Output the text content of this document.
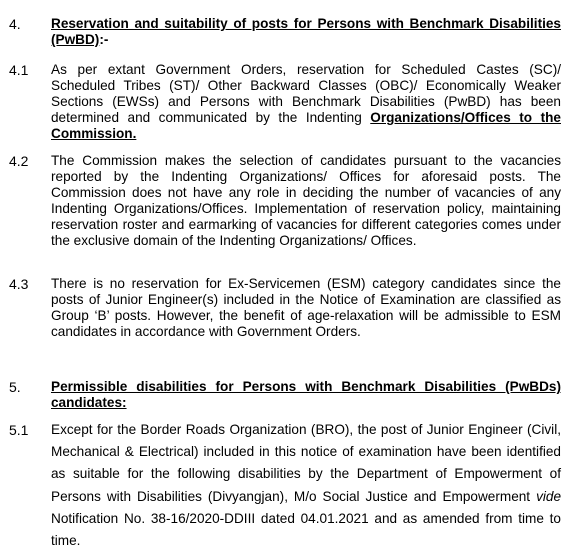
4. Reservation and suitability of posts for Persons with Benchmark Disabilities (PwBD):-
4.1 As per extant Government Orders, reservation for Scheduled Castes (SC)/ Scheduled Tribes (ST)/ Other Backward Classes (OBC)/ Economically Weaker Sections (EWSs) and Persons with Benchmark Disabilities (PwBD) has been determined and communicated by the Indenting Organizations/Offices to the Commission.
4.2 The Commission makes the selection of candidates pursuant to the vacancies reported by the Indenting Organizations/ Offices for aforesaid posts. The Commission does not have any role in deciding the number of vacancies of any Indenting Organizations/Offices. Implementation of reservation policy, maintaining reservation roster and earmarking of vacancies for different categories comes under the exclusive domain of the Indenting Organizations/ Offices.
4.3 There is no reservation for Ex-Servicemen (ESM) category candidates since the posts of Junior Engineer(s) included in the Notice of Examination are classified as Group ‘B’ posts. However, the benefit of age-relaxation will be admissible to ESM candidates in accordance with Government Orders.
5. Permissible disabilities for Persons with Benchmark Disabilities (PwBDs) candidates:
5.1 Except for the Border Roads Organization (BRO), the post of Junior Engineer (Civil, Mechanical & Electrical) included in this notice of examination have been identified as suitable for the following disabilities by the Department of Empowerment of Persons with Disabilities (Divyangjan), M/o Social Justice and Empowerment vide Notification No. 38-16/2020-DDIII dated 04.01.2021 and as amended from time to time.
